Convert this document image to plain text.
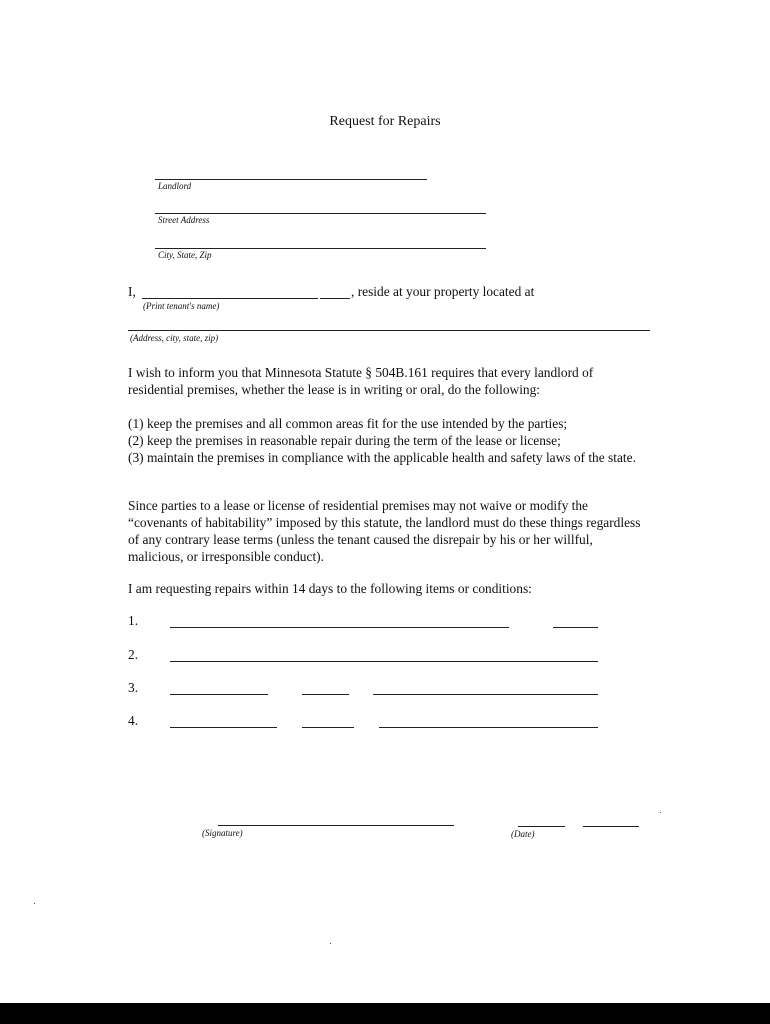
Request for Repairs
Landlord
Street Address
City, State, Zip
I,	, reside at your property located at
(Print tenant's name)
(Address, city, state, zip)

I wish to inform you that Minnesota Statute § 504B.161 requires that every landlord of residential premises, whether the lease is in writing or oral, do the following:

(1) keep the premises and all common areas fit for the use intended by the parties;

(2) keep the premises in reasonable repair during the term of the lease or license;

(3) maintain the premises in compliance with the applicable health and safety laws of the state.

Since parties to a lease or license of residential premises may not waive or modify the “covenants of habitability” imposed by this statute, the landlord must do these things regardless of any contrary lease terms (unless the tenant caused the disrepair by his or her willful, malicious, or irresponsible conduct).

I am requesting repairs within 14 days to the following items or conditions:

1.
2.
3.
4.
(Signature)	(Date)
